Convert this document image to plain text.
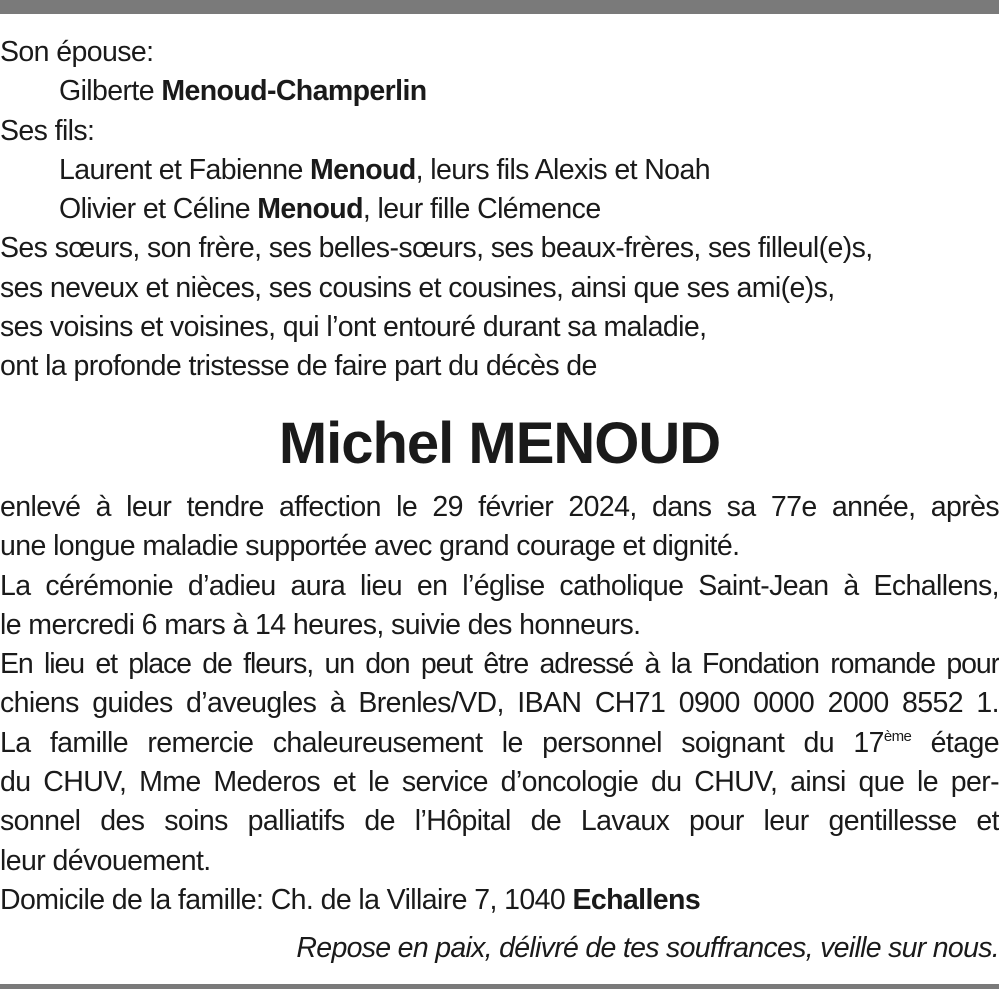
Son épouse:
Gilberte Menoud-Champerlin
Ses fils:
Laurent et Fabienne Menoud, leurs fils Alexis et Noah
Olivier et Céline Menoud, leur fille Clémence
Ses sœurs, son frère, ses belles-sœurs, ses beaux-frères, ses filleul(e)s,
ses neveux et nièces, ses cousins et cousines, ainsi que ses ami(e)s,
ses voisins et voisines, qui l’ont entouré durant sa maladie,
ont la profonde tristesse de faire part du décès de
Michel MENOUD
enlevé à leur tendre affection le 29 février 2024, dans sa 77e année, après
une longue maladie supportée avec grand courage et dignité.
La cérémonie d’adieu aura lieu en l’église catholique Saint-Jean à Echallens,
le mercredi 6 mars à 14 heures, suivie des honneurs.
En lieu et place de fleurs, un don peut être adressé à la Fondation romande pour
chiens guides d’aveugles à Brenles/VD, IBAN CH71 0900 0000 2000 8552 1.
La famille remercie chaleureusement le personnel soignant du 17ème étage
du CHUV, Mme Mederos et le service d’oncologie du CHUV, ainsi que le per-
sonnel des soins palliatifs de l’Hôpital de Lavaux pour leur gentillesse et
leur dévouement.
Domicile de la famille: Ch. de la Villaire 7, 1040 Echallens
Repose en paix, délivré de tes souffrances, veille sur nous.
